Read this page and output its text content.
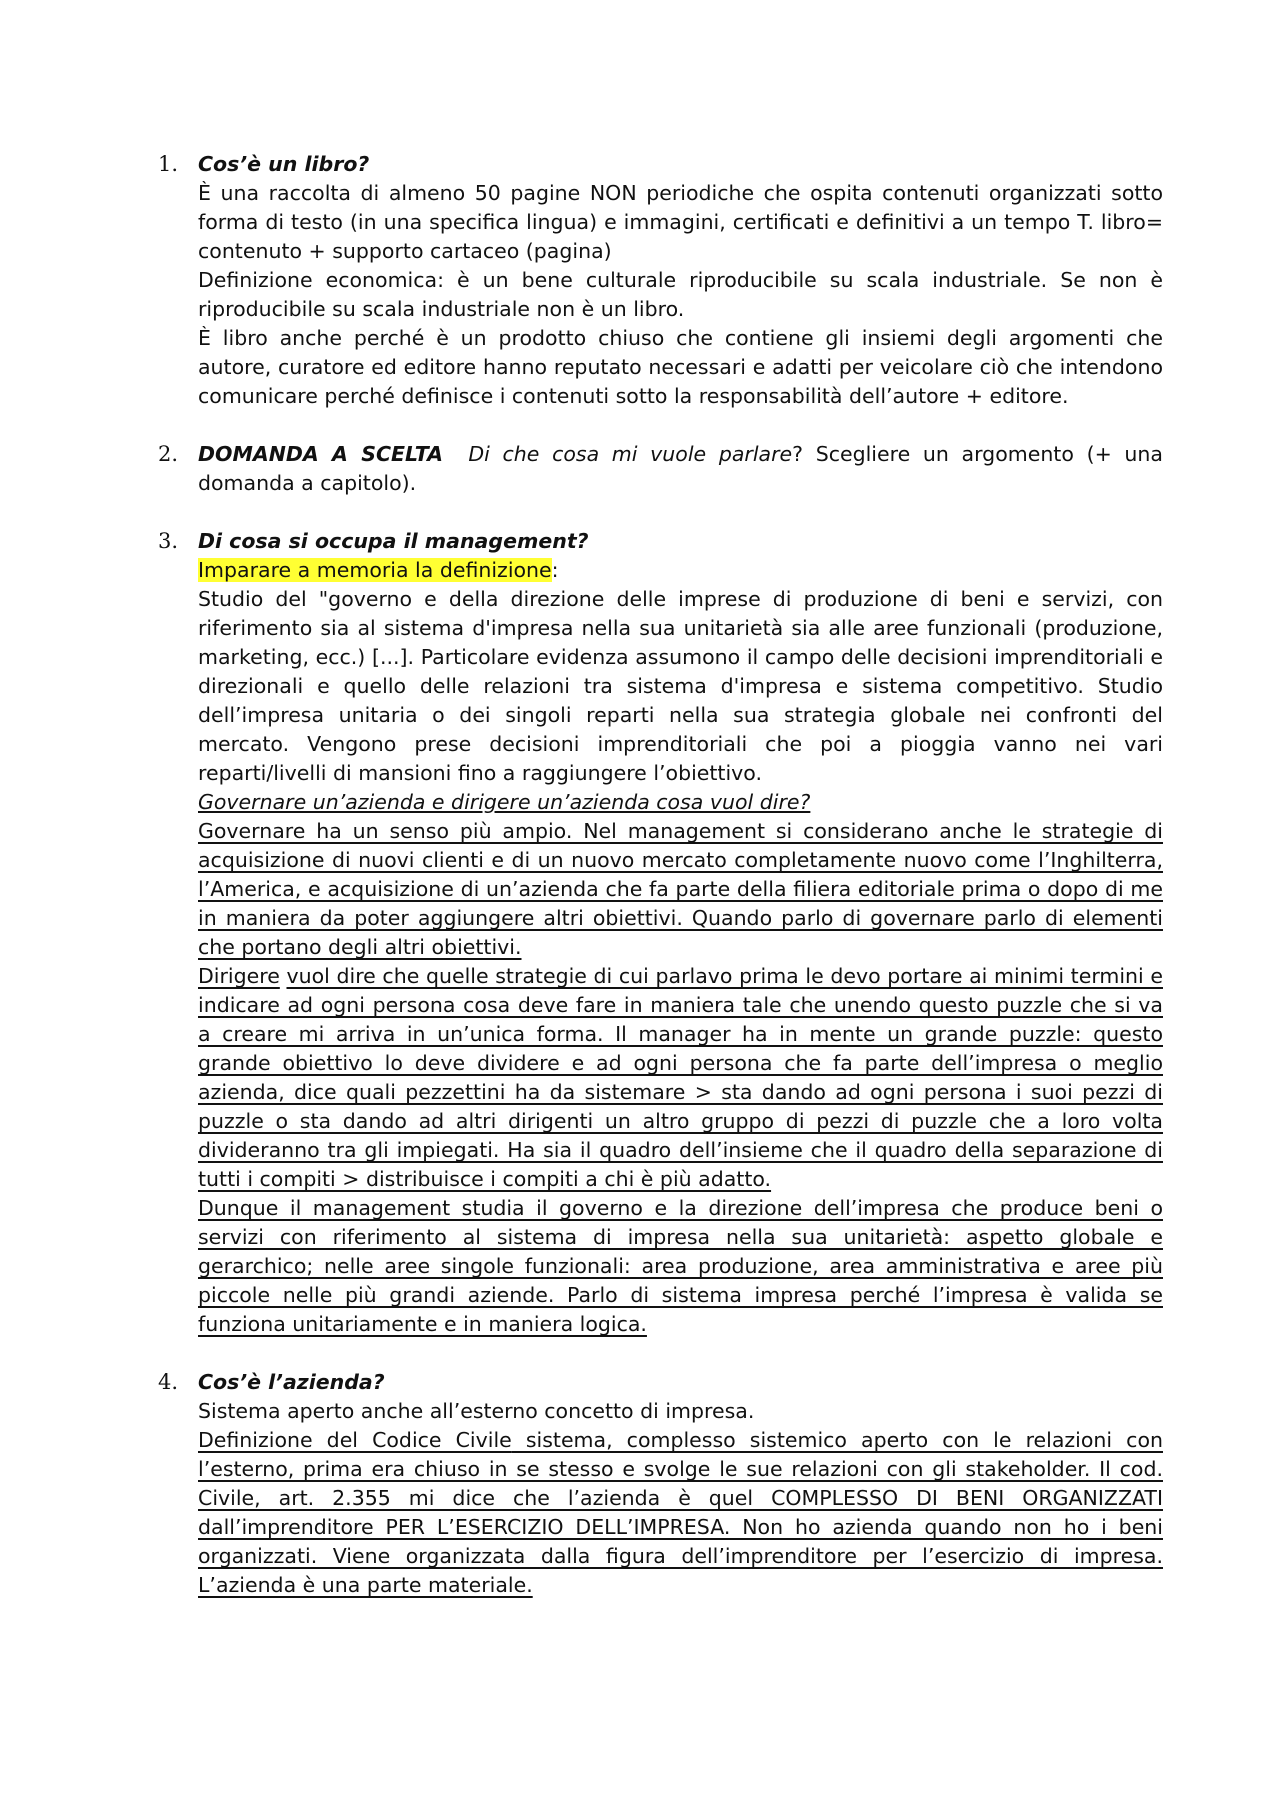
1. Cos’è un libro?

È una raccolta di almeno 50 pagine NON periodiche che ospita contenuti organizzati sotto forma di testo (in una specifica lingua) e immagini, certificati e definitivi a un tempo T. libro= contenuto + supporto cartaceo (pagina)

Definizione economica: è un bene culturale riproducibile su scala industriale. Se non è riproducibile su scala industriale non è un libro.

È libro anche perché è un prodotto chiuso che contiene gli insiemi degli argomenti che autore, curatore ed editore hanno reputato necessari e adatti per veicolare ciò che intendono comunicare perché definisce i contenuti sotto la responsabilità dell’autore + editore.

2. DOMANDA A SCELTA Di che cosa mi vuole parlare? Scegliere un argomento (+ una domanda a capitolo).

3. Di cosa si occupa il management?

Imparare a memoria la definizione:

Studio del "governo e della direzione delle imprese di produzione di beni e servizi, con riferimento sia al sistema d'impresa nella sua unitarietà sia alle aree funzionali (produzione, marketing, ecc.) [...]. Particolare evidenza assumono il campo delle decisioni imprenditoriali e direzionali e quello delle relazioni tra sistema d'impresa e sistema competitivo. Studio dell’impresa unitaria o dei singoli reparti nella sua strategia globale nei confronti del mercato. Vengono prese decisioni imprenditoriali che poi a pioggia vanno nei vari reparti/livelli di mansioni fino a raggiungere l’obiettivo.

Governare un’azienda e dirigere un’azienda cosa vuol dire?

Governare ha un senso più ampio. Nel management si considerano anche le strategie di acquisizione di nuovi clienti e di un nuovo mercato completamente nuovo come l’Inghilterra, l’America, e acquisizione di un’azienda che fa parte della filiera editoriale prima o dopo di me in maniera da poter aggiungere altri obiettivi. Quando parlo di governare parlo di elementi che portano degli altri obiettivi.

Dirigere vuol dire che quelle strategie di cui parlavo prima le devo portare ai minimi termini e indicare ad ogni persona cosa deve fare in maniera tale che unendo questo puzzle che si va a creare mi arriva in un’unica forma. Il manager ha in mente un grande puzzle: questo grande obiettivo lo deve dividere e ad ogni persona che fa parte dell’impresa o meglio azienda, dice quali pezzettini ha da sistemare > sta dando ad ogni persona i suoi pezzi di puzzle o sta dando ad altri dirigenti un altro gruppo di pezzi di puzzle che a loro volta divideranno tra gli impiegati. Ha sia il quadro dell’insieme che il quadro della separazione di tutti i compiti > distribuisce i compiti a chi è più adatto.

Dunque il management studia il governo e la direzione dell’impresa che produce beni o servizi con riferimento al sistema di impresa nella sua unitarietà: aspetto globale e gerarchico; nelle aree singole funzionali: area produzione, area amministrativa e aree più piccole nelle più grandi aziende. Parlo di sistema impresa perché l’impresa è valida se funziona unitariamente e in maniera logica.

4. Cos’è l’azienda?

Sistema aperto anche all’esterno concetto di impresa.

Definizione del Codice Civile sistema, complesso sistemico aperto con le relazioni con l’esterno, prima era chiuso in se stesso e svolge le sue relazioni con gli stakeholder. Il cod. Civile, art. 2.355 mi dice che l’azienda è quel COMPLESSO DI BENI ORGANIZZATI dall’imprenditore PER L’ESERCIZIO DELL’IMPRESA. Non ho azienda quando non ho i beni organizzati. Viene organizzata dalla figura dell’imprenditore per l’esercizio di impresa. L’azienda è una parte materiale.
